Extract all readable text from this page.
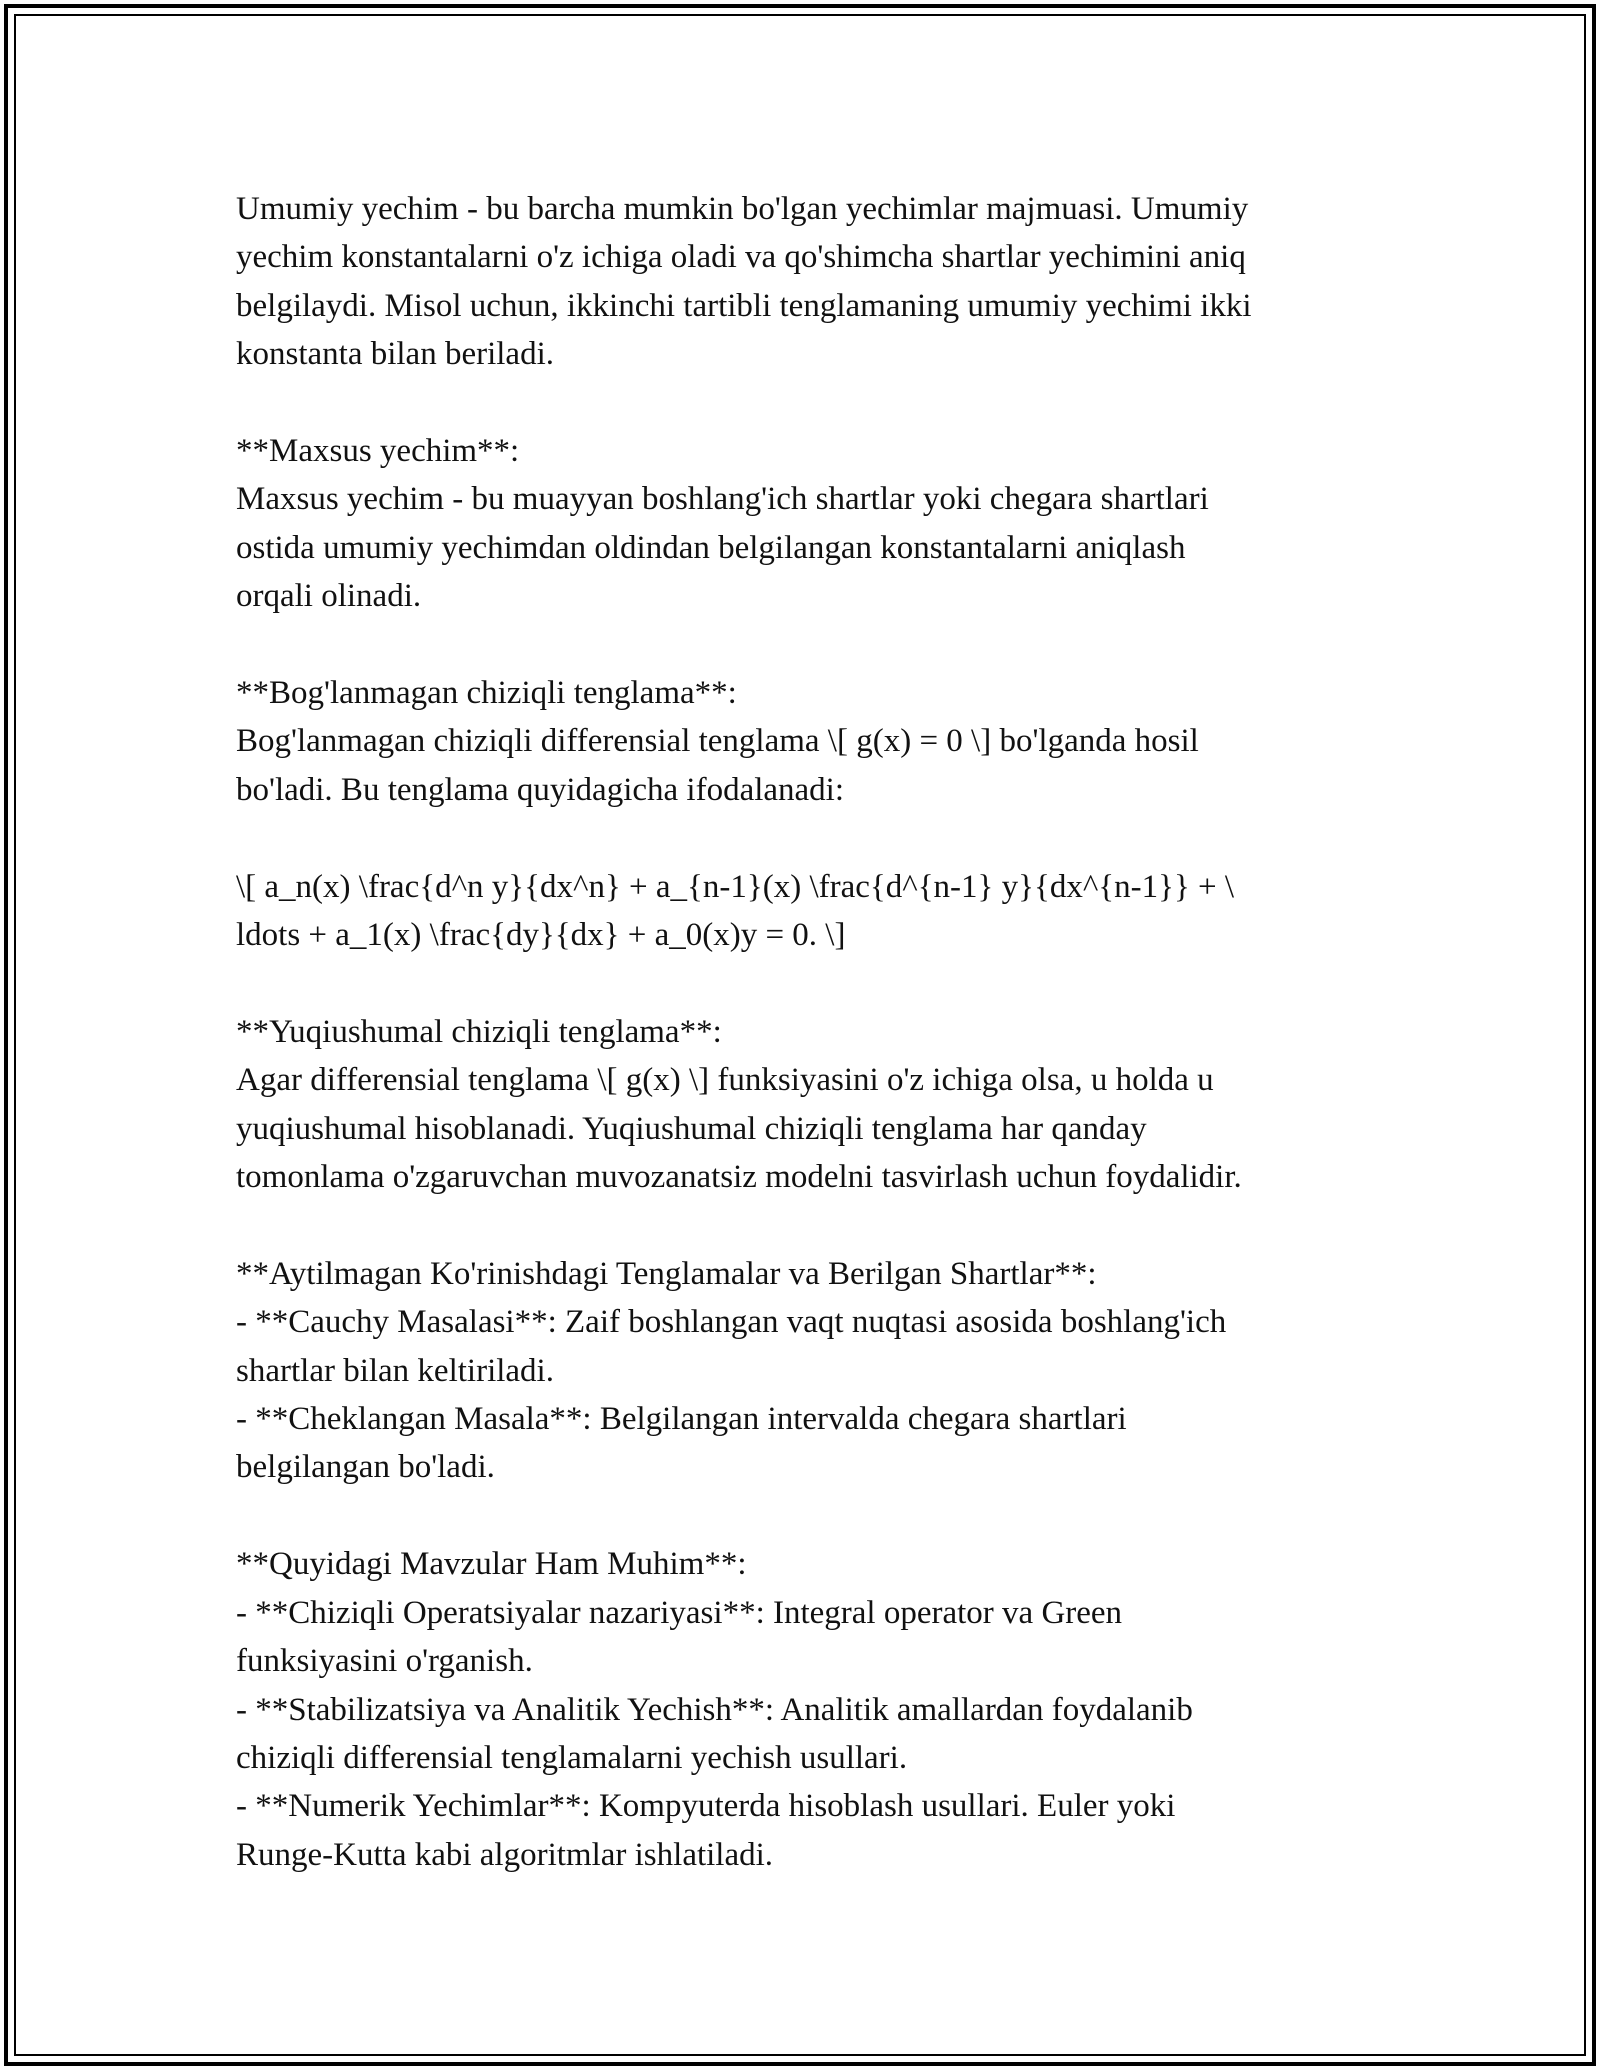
Umumiy yechim - bu barcha mumkin bo'lgan yechimlar majmuasi. Umumiy

yechim konstantalarni o'z ichiga oladi va qo'shimcha shartlar yechimini aniq

belgilaydi. Misol uchun, ikkinchi tartibli tenglamaning umumiy yechimi ikki

konstanta bilan beriladi.

**Maxsus yechim**:

Maxsus yechim - bu muayyan boshlang'ich shartlar yoki chegara shartlari

ostida umumiy yechimdan oldindan belgilangan konstantalarni aniqlash

orqali olinadi.

**Bog'lanmagan chiziqli tenglama**:

Bog'lanmagan chiziqli differensial tenglama \[ g(x) = 0 \] bo'lganda hosil

bo'ladi. Bu tenglama quyidagicha ifodalanadi:

\[ a_n(x) \frac{d^n y}{dx^n} + a_{n-1}(x) \frac{d^{n-1} y}{dx^{n-1}} + \

ldots + a_1(x) \frac{dy}{dx} + a_0(x)y = 0. \]

**Yuqiushumal chiziqli tenglama**:

Agar differensial tenglama \[ g(x) \] funksiyasini o'z ichiga olsa, u holda u

yuqiushumal hisoblanadi. Yuqiushumal chiziqli tenglama har qanday

tomonlama o'zgaruvchan muvozanatsiz modelni tasvirlash uchun foydalidir.

**Aytilmagan Ko'rinishdagi Tenglamalar va Berilgan Shartlar**:

- **Cauchy Masalasi**: Zaif boshlangan vaqt nuqtasi asosida boshlang'ich

shartlar bilan keltiriladi.

- **Cheklangan Masala**: Belgilangan intervalda chegara shartlari

belgilangan bo'ladi.

**Quyidagi Mavzular Ham Muhim**:

- **Chiziqli Operatsiyalar nazariyasi**: Integral operator va Green

funksiyasini o'rganish.

- **Stabilizatsiya va Analitik Yechish**: Analitik amallardan foydalanib

chiziqli differensial tenglamalarni yechish usullari.

- **Numerik Yechimlar**: Kompyuterda hisoblash usullari. Euler yoki

Runge-Kutta kabi algoritmlar ishlatiladi.
